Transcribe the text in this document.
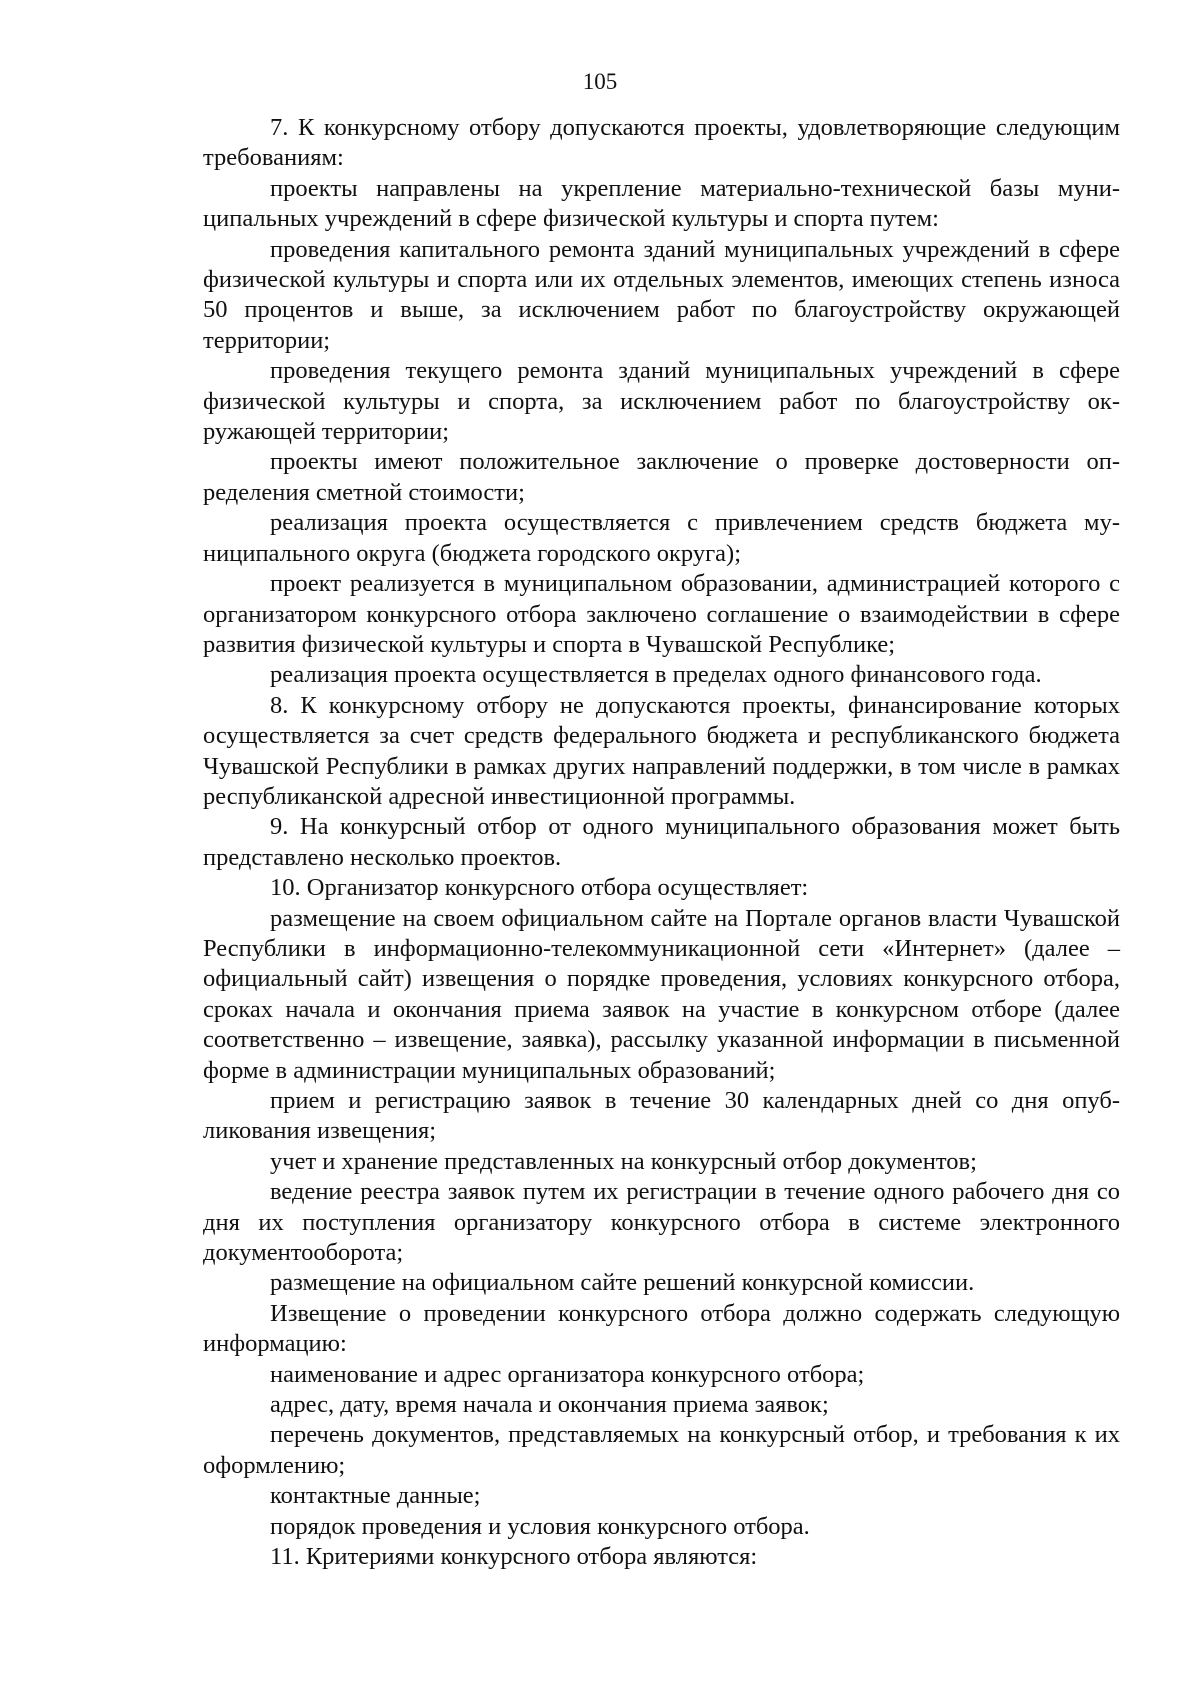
105

7. К конкурсному отбору допускаются проекты, удовлетворяющие следующим требованиям:

проекты направлены на укрепление материально-технической базы муниципальных учреждений в сфере физической культуры и спорта путем:

проведения капитального ремонта зданий муниципальных учреждений в сфере физической культуры и спорта или их отдельных элементов, имеющих степень износа 50 процентов и выше, за исключением работ по благоустройству окружающей территории;

проведения текущего ремонта зданий муниципальных учреждений в сфере физической культуры и спорта, за исключением работ по благоустройству окружающей территории;

проекты имеют положительное заключение о проверке достоверности определения сметной стоимости;

реализация проекта осуществляется с привлечением средств бюджета муниципального округа (бюджета городского округа);

проект реализуется в муниципальном образовании, администрацией которого с организатором конкурсного отбора заключено соглашение о взаимодействии в сфере развития физической культуры и спорта в Чувашской Республике;

реализация проекта осуществляется в пределах одного финансового года.

8. К конкурсному отбору не допускаются проекты, финансирование которых осуществляется за счет средств федерального бюджета и республиканского бюджета Чувашской Республики в рамках других направлений поддержки, в том числе в рамках республиканской адресной инвестиционной программы.

9. На конкурсный отбор от одного муниципального образования может быть представлено несколько проектов.

10. Организатор конкурсного отбора осуществляет:

размещение на своем официальном сайте на Портале органов власти Чувашской Республики в информационно-телекоммуникационной сети «Интернет» (далее – официальный сайт) извещения о порядке проведения, условиях конкурсного отбора, сроках начала и окончания приема заявок на участие в конкурсном отборе (далее соответственно – извещение, заявка), рассылку указанной информации в письменной форме в администрации муниципальных образований;

прием и регистрацию заявок в течение 30 календарных дней со дня опубликования извещения;

учет и хранение представленных на конкурсный отбор документов;

ведение реестра заявок путем их регистрации в течение одного рабочего дня со дня их поступления организатору конкурсного отбора в системе электронного документооборота;

размещение на официальном сайте решений конкурсной комиссии.

Извещение о проведении конкурсного отбора должно содержать следующую информацию:

наименование и адрес организатора конкурсного отбора;

адрес, дату, время начала и окончания приема заявок;

перечень документов, представляемых на конкурсный отбор, и требования к их оформлению;

контактные данные;

порядок проведения и условия конкурсного отбора.

11. Критериями конкурсного отбора являются:
